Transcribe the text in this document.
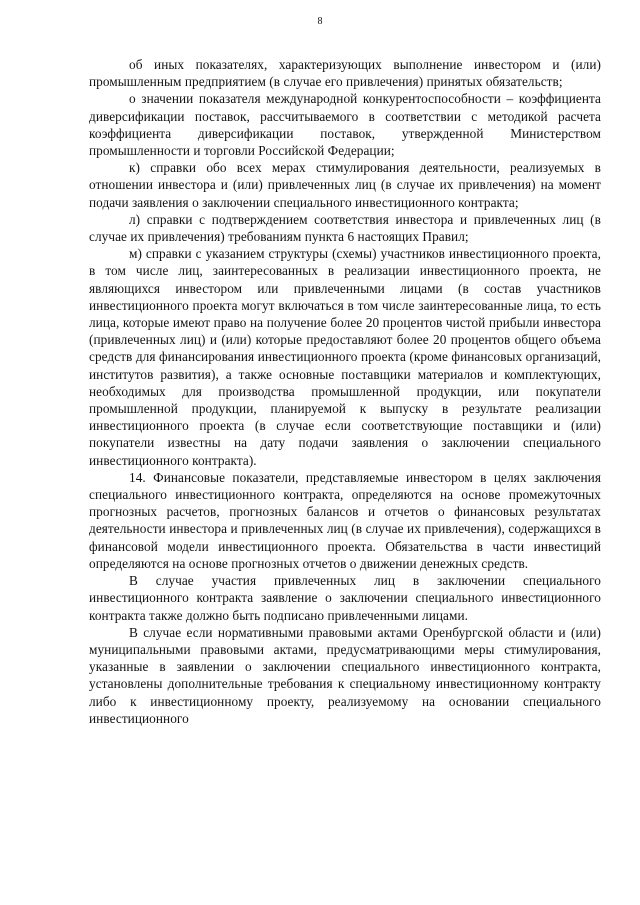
8

об иных показателях, характеризующих выполнение инвестором и (или) промышленным предприятием (в случае его привлечения) принятых обязательств;

о значении показателя международной конкурентоспособности – коэффициента диверсификации поставок, рассчитываемого в соответствии с методикой расчета коэффициента диверсификации поставок, утвержденной Министерством промышленности и торговли Российской Федерации;

к) справки обо всех мерах стимулирования деятельности, реализуемых в отношении инвестора и (или) привлеченных лиц (в случае их привлечения) на момент подачи заявления о заключении специального инвестиционного контракта;

л) справки с подтверждением соответствия инвестора и привлеченных лиц (в случае их привлечения) требованиям пункта 6 настоящих Правил;

м) справки с указанием структуры (схемы) участников инвестиционного проекта, в том числе лиц, заинтересованных в реализации инвестиционного проекта, не являющихся инвестором или привлеченными лицами (в состав участников инвестиционного проекта могут включаться в том числе заинтересованные лица, то есть лица, которые имеют право на получение более 20 процентов чистой прибыли инвестора (привлеченных лиц) и (или) которые предоставляют более 20 процентов общего объема средств для финансирования инвестиционного проекта (кроме финансовых организаций, институтов развития), а также основные поставщики материалов и комплектующих, необходимых для производства промышленной продукции, или покупатели промышленной продукции, планируемой к выпуску в результате реализации инвестиционного проекта (в случае если соответствующие поставщики и (или) покупатели известны на дату подачи заявления о заключении специального инвестиционного контракта).

14. Финансовые показатели, представляемые инвестором в целях заключения специального инвестиционного контракта, определяются на основе промежуточных прогнозных расчетов, прогнозных балансов и отчетов о финансовых результатах деятельности инвестора и привлеченных лиц (в случае их привлечения), содержащихся в финансовой модели инвестиционного проекта. Обязательства в части инвестиций определяются на основе прогнозных отчетов о движении денежных средств.

В случае участия привлеченных лиц в заключении специального инвестиционного контракта заявление о заключении специального инвестиционного контракта также должно быть подписано привлеченными лицами.

В случае если нормативными правовыми актами Оренбургской области и (или) муниципальными правовыми актами, предусматривающими меры стимулирования, указанные в заявлении о заключении специального инвестиционного контракта, установлены дополнительные требования к специальному инвестиционному контракту либо к инвестиционному проекту, реализуемому на основании специального инвестиционного
